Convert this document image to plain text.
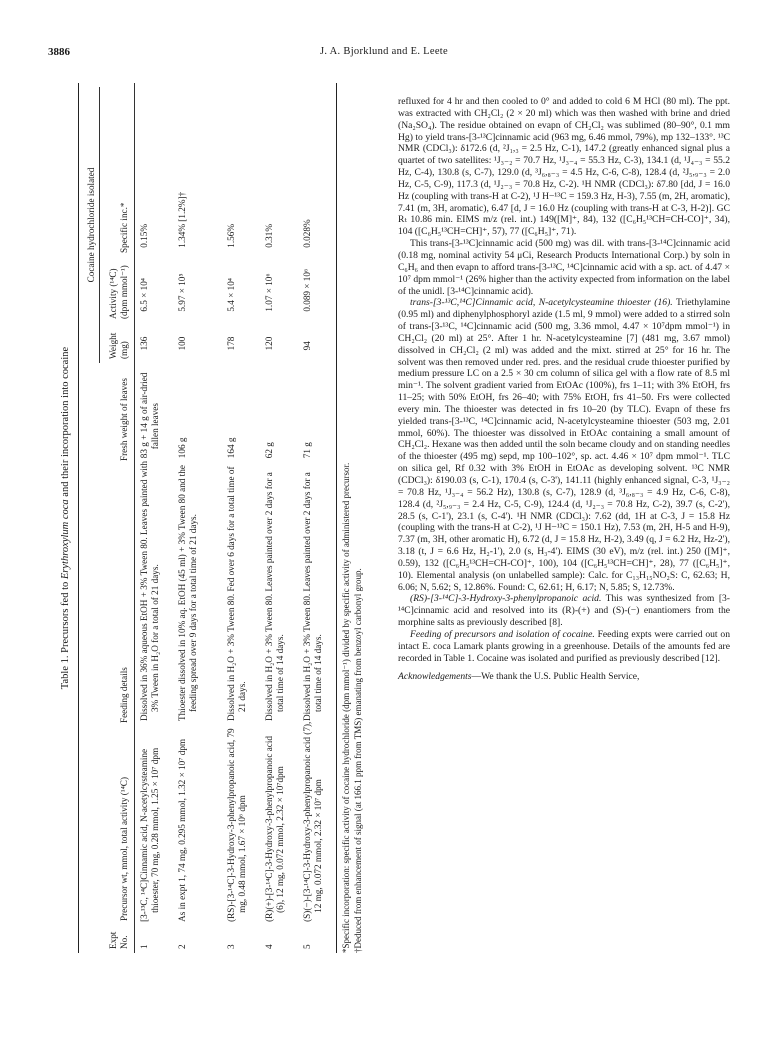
3886	J. A. Bjorklund and E. Leete
Table 1. Precursors fed to Erythroxylum coca and their incorporation into cocaine
Cocaine hydrochloride isolated
Expt No.
Precursor wt, mmol, total activity (¹⁴C)
Feeding details
Fresh weight of leaves
Weight (mg)
Activity (¹⁴C) (dpm mmol⁻¹)
Specific inc.*
1
[3-¹³C, ¹⁴C]Cinnamic acid, N-acetylcysteamine thioester, 70 mg, 0.28 mmol, 1.25 × 10⁷ dpm
Dissolved in 36% aqueous EtOH + 3% Tween 80. Leaves painted with 3% Tween in H₂O for a total of 21 days.
83 g + 14 g of air-dried fallen leaves
136
6.5 × 10⁴
0.15%
2
As in expt 1, 74 mg, 0.295 mmol, 1.32 × 10⁷ dpm
Thioester dissolved in 10% aq. EtOH (45 ml) + 3% Tween 80 and the feeding spread over 9 days for a total time of 21 days.
106 g
100
5.97 × 10⁵
1.34% [1.2%]†
3
(RS)-[3-¹⁴C]-3-Hydroxy-3-phenylpropanoic acid, 79 mg, 0.48 mmol, 1.67 × 10⁶ dpm
Dissolved in H₂O + 3% Tween 80. Fed over 6 days for a total time of 21 days.
164 g
178
5.4 × 10⁴
1.56%
4
(R)(+)-[3-¹⁴C]-3-Hydroxy-3-phenylpropanoic acid (6), 12 mg, 0.072 mmol, 2.32 × 10⁷dpm
Dissolved in H₂O + 3% Tween 80. Leaves painted over 2 days for a total time of 14 days.
62 g
120
1.07 × 10⁶
0.31%
5
(S)(−)-[3-¹⁴C]-3-Hydroxy-3-phenylpropanoic acid (7), 12 mg, 0.072 mmol, 2.32 × 10⁷ dpm
Dissolved in H₂O + 3% Tween 80. Leaves painted over 2 days for a total time of 14 days.
71 g
94
0.089 × 10⁶
0.028%
*Specific incorporation: specific activity of cocaine hydrochloride (dpm mmol⁻¹) divided by specific activity of administered precursor. †Deduced from enhancement of signal (at 166.1 ppm from TMS) emanating from benzoyl carbonyl group.

refluxed for 4 hr and then cooled to 0° and added to cold 6 M HCl (80 ml). The ppt. was extracted with CH₂Cl₂ (2 × 20 ml) which was then washed with brine and dried (Na₂SO₄). The residue obtained on evapn of CH₂Cl₂ was sublimed (80–90°, 0.1 mm Hg) to yield trans-[3-¹³C]cinnamic acid (963 mg, 6.46 mmol, 79%), mp 132–133°. ¹³C NMR (CDCl₃): δ172.6 (d, ²J₁,₃ = 2.5 Hz, C-1), 147.2 (greatly enhanced signal plus a quartet of two satellites: ¹J₃₋₂ = 70.7 Hz, ¹J₃₋₄ = 55.3 Hz, C-3), 134.1 (d, ¹J₄₋₃ = 55.2 Hz, C-4), 130.8 (s, C-7), 129.0 (d, ³J₆,₈₋₃ = 4.5 Hz, C-6, C-8), 128.4 (d, ²J₅,₉₋₃ = 2.0 Hz, C-5, C-9), 117.3 (d, ¹J₂₋₃ = 70.8 Hz, C-2). ¹H NMR (CDCl₃): δ7.80 [dd, J = 16.0 Hz (coupling with trans-H at C-2), ¹J H−¹³C = 159.3 Hz, H-3), 7.55 (m, 2H, aromatic), 7.41 (m, 3H, aromatic), 6.47 [d, J = 16.0 Hz (coupling with trans-H at C-3, H-2)]. GC Rₜ 10.86 min. EIMS m/z (rel. int.) 149([M]⁺, 84), 132 ([C₆H₅¹³CH=CH-CO]⁺, 34), 104 ([C₆H₅¹³CH=CH]⁺, 57), 77 ([C₆H₅]⁺, 71).

This trans-[3-¹³C]cinnamic acid (500 mg) was dil. with trans-[3-¹⁴C]cinnamic acid (0.18 mg, nominal activity 54 μCi, Research Products International Corp.) by soln in C₆H₆ and then evapn to afford trans-[3-¹³C, ¹⁴C]cinnamic acid with a sp. act. of 4.47 × 10⁷ dpm mmol⁻¹ (26% higher than the activity expected from information on the label of the unidl. [3-¹⁴C]cinnamic acid).

trans-[3-¹³C,¹⁴C]Cinnamic acid, N-acetylcysteamine thioester (16). Triethylamine (0.95 ml) and diphenylphosphoryl azide (1.5 ml, 9 mmol) were added to a stirred soln of trans-[3-¹³C, ¹⁴C]cinnamic acid (500 mg, 3.36 mmol, 4.47 × 10⁷dpm mmol⁻¹) in CH₂Cl₂ (20 ml) at 25°. After 1 hr. N-acetylcysteamine [7] (481 mg, 3.67 mmol) dissolved in CH₂Cl₂ (2 ml) was added and the mixt. stirred at 25° for 16 hr. The solvent was then removed under red. pres. and the residual crude thioester purified by medium pressure LC on a 2.5 × 30 cm column of silica gel with a flow rate of 8.5 ml min⁻¹. The solvent gradient varied from EtOAc (100%), frs 1–11; with 3% EtOH, frs 11–25; with 50% EtOH, frs 26–40; with 75% EtOH, frs 41–50. Frs were collected every min. The thioester was detected in frs 10–20 (by TLC). Evapn of these frs yielded trans-[3-¹³C, ¹⁴C]cinnamic acid, N-acetylcysteamine thioester (503 mg, 2.01 mmol, 60%). The thioester was dissolved in EtOAc containing a small amount of CH₂Cl₂. Hexane was then added until the soln became cloudy and on standing needles of the thioester (495 mg) sepd, mp 100–102°, sp. act. 4.46 × 10⁷ dpm mmol⁻¹. TLC on silica gel, Rf 0.32 with 3% EtOH in EtOAc as developing solvent. ¹³C NMR (CDCl₃): δ190.03 (s, C-1), 170.4 (s, C-3'), 141.11 (highly enhanced signal, C-3, ¹J₃₋₂ = 70.8 Hz, ¹J₃₋₄ = 56.2 Hz), 130.8 (s, C-7), 128.9 (d, ³J₆,₈₋₃ = 4.9 Hz, C-6, C-8), 128.4 (d, ²J₅,₉₋₃ = 2.4 Hz, C-5, C-9), 124.4 (d, ¹J₂₋₃ = 70.8 Hz, C-2), 39.7 (s, C-2'), 28.5 (s, C-1'), 23.1 (s, C-4'). ¹H NMR (CDCl₃): 7.62 (dd, 1H at C-3, J = 15.8 Hz (coupling with the trans-H at C-2), ¹J H−¹³C = 150.1 Hz), 7.53 (m, 2H, H-5 and H-9), 7.37 (m, 3H, other aromatic H), 6.72 (d, J = 15.8 Hz, H-2), 3.49 (q, J = 6.2 Hz, Hz-2'), 3.18 (t, J = 6.6 Hz, H₂-1'), 2.0 (s, H₃-4'). EIMS (30 eV), m/z (rel. int.) 250 ([M]⁺, 0.59), 132 ([C₆H₅¹³CH=CH-CO]⁺, 100), 104 ([C₆H₅¹³CH=CH]⁺, 28), 77 ([C₆H₅]⁺, 10). Elemental analysis (on unlabelled sample): Calc. for C₁₃H₁₅NO₂S: C, 62.63; H, 6.06; N, 5.62; S, 12.86%. Found: C, 62.61; H, 6.17; N, 5.85; S, 12.73%.

(RS)-[3-¹⁴C]-3-Hydroxy-3-phenylpropanoic acid. This was synthesized from [3-¹⁴C]cinnamic acid and resolved into its (R)-(+) and (S)-(−) enantiomers from the morphine salts as previously described [8].

Feeding of precursors and isolation of cocaine. Feeding expts were carried out on intact E. coca Lamark plants growing in a greenhouse. Details of the amounts fed are recorded in Table 1. Cocaine was isolated and purified as previously described [12].

Acknowledgements—We thank the U.S. Public Health Service,
